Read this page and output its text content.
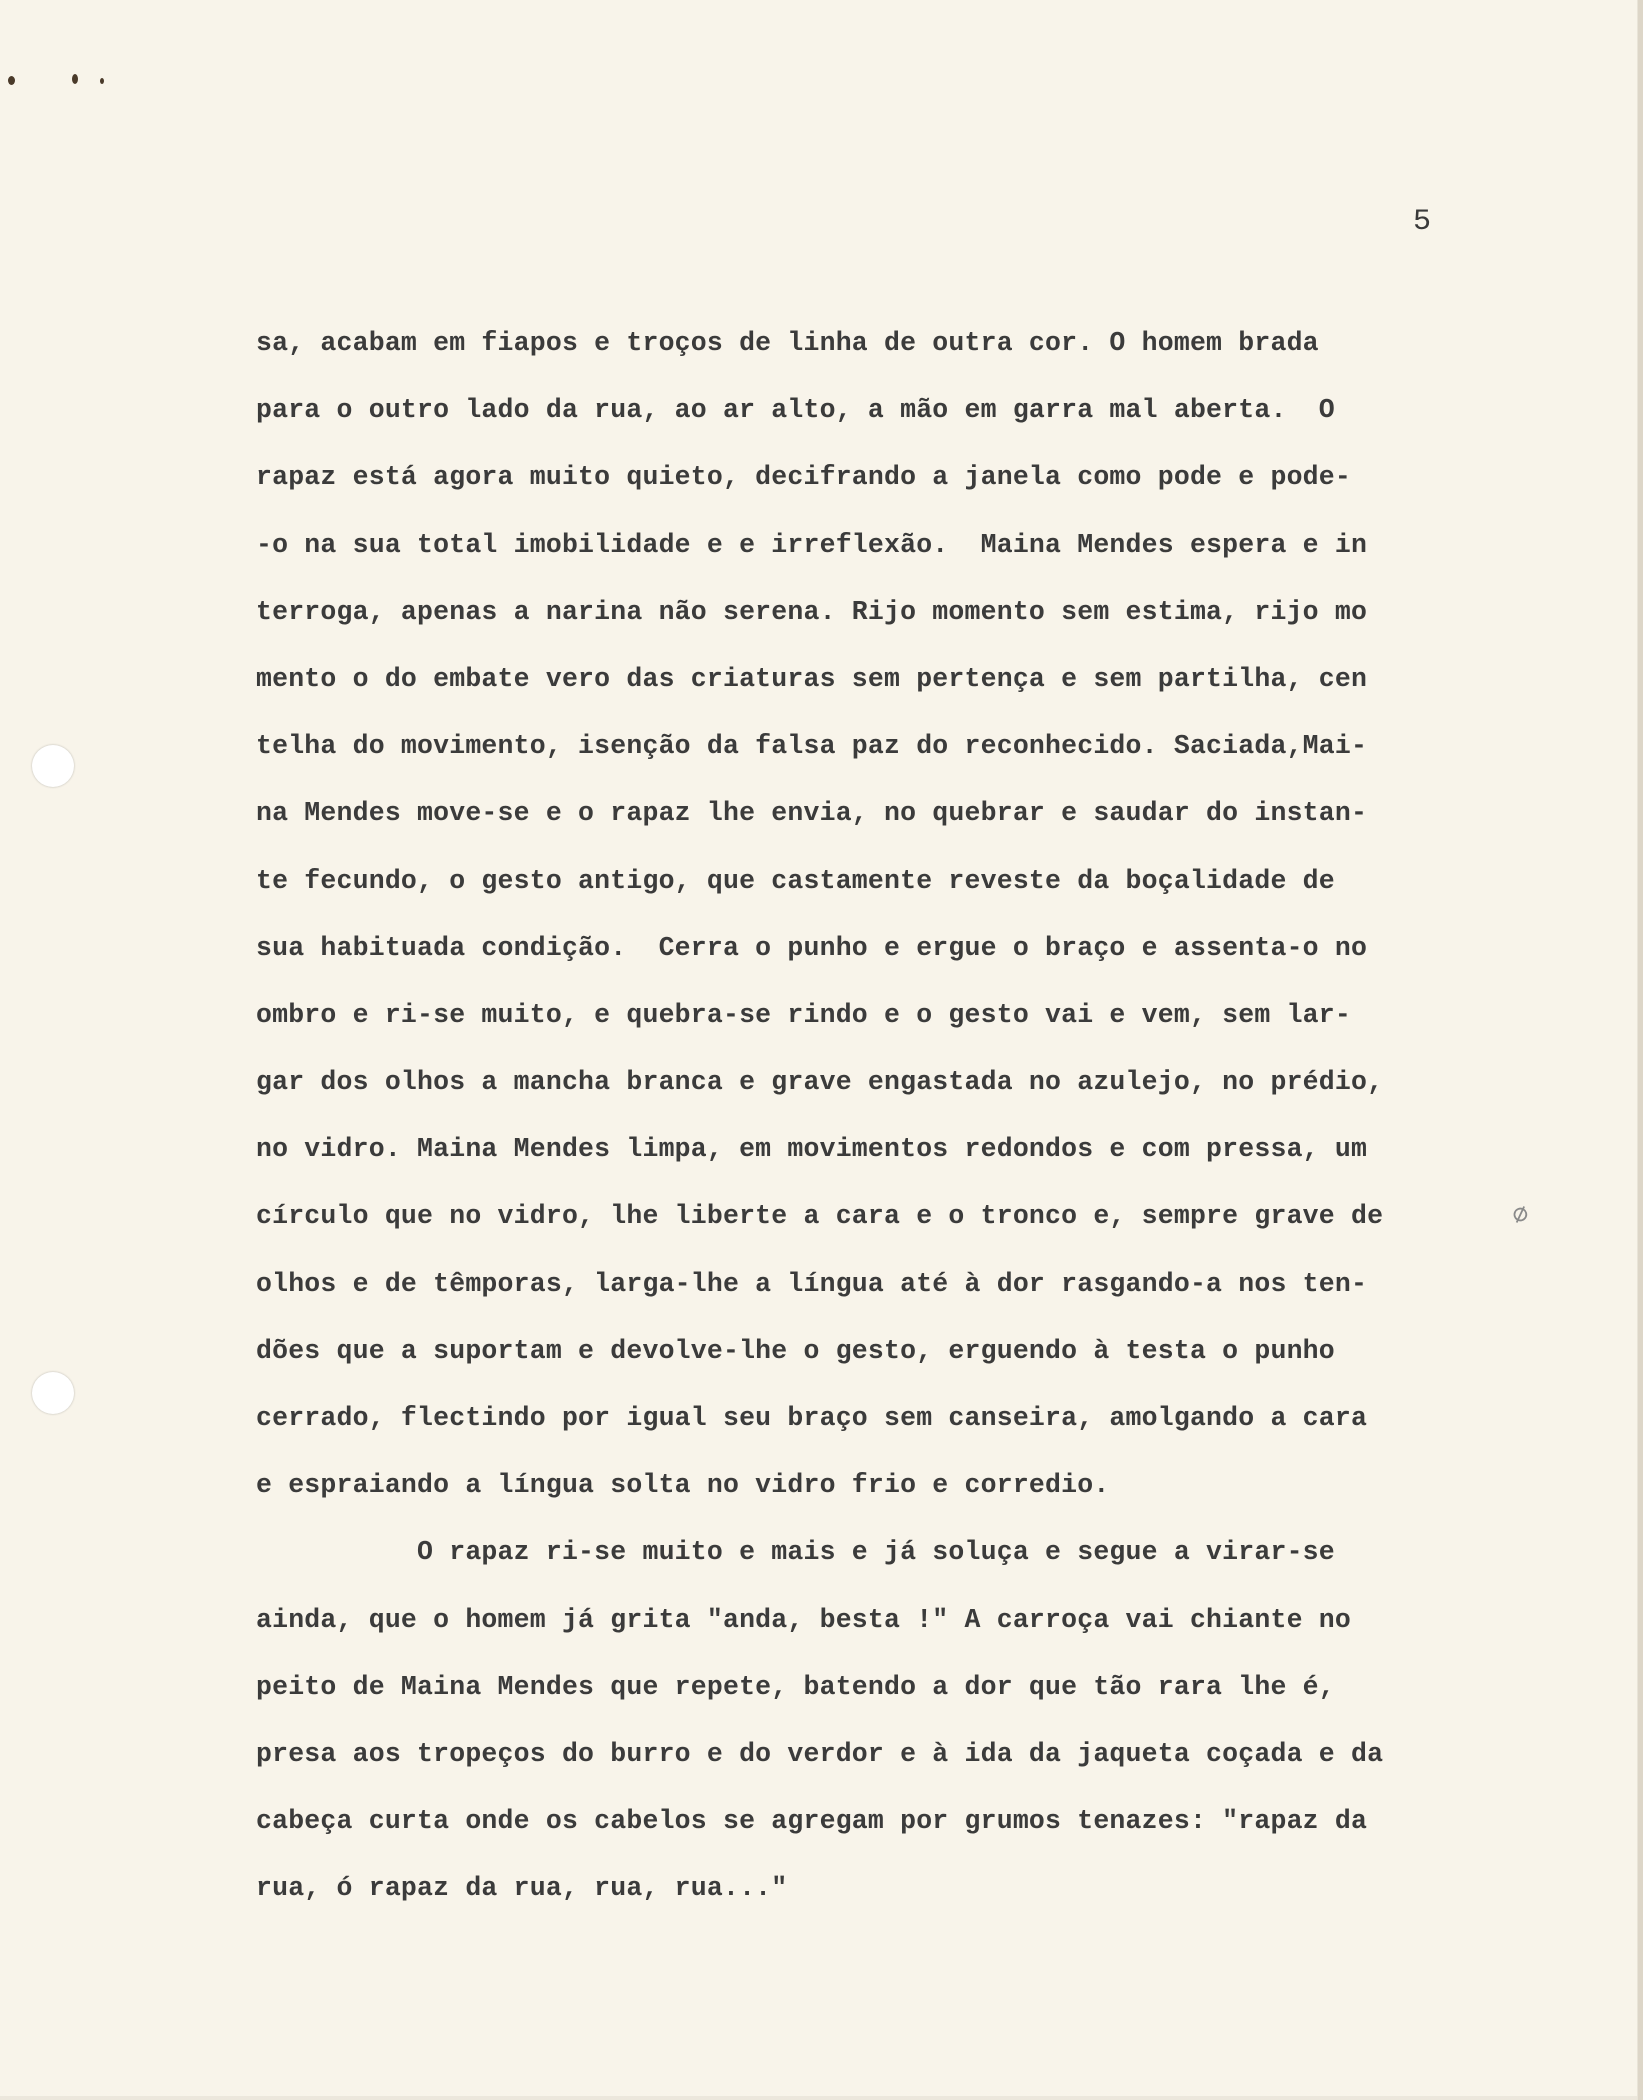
5
sa, acabam em fiapos e troços de linha de outra cor. O homem brada
para o outro lado da rua, ao ar alto, a mão em garra mal aberta.  O
rapaz está agora muito quieto, decifrando a janela como pode e pode-
-o na sua total imobilidade e e irreflexão.  Maina Mendes espera e in
terroga, apenas a narina não serena. Rijo momento sem estima, rijo mo
mento o do embate vero das criaturas sem pertença e sem partilha, cen
telha do movimento, isenção da falsa paz do reconhecido. Saciada,Mai-
na Mendes move-se e o rapaz lhe envia, no quebrar e saudar do instan-
te fecundo, o gesto antigo, que castamente reveste da boçalidade de
sua habituada condição.  Cerra o punho e ergue o braço e assenta-o no
ombro e ri-se muito, e quebra-se rindo e o gesto vai e vem, sem lar-
gar dos olhos a mancha branca e grave engastada no azulejo, no prédio,
no vidro. Maina Mendes limpa, em movimentos redondos e com pressa, um
círculo que no vidro, lhe liberte a cara e o tronco e, sempre grave de
olhos e de têmporas, larga-lhe a língua até à dor rasgando-a nos ten-
dões que a suportam e devolve-lhe o gesto, erguendo à testa o punho
cerrado, flectindo por igual seu braço sem canseira, amolgando a cara
e espraiando a língua solta no vidro frio e corredio.
O rapaz ri-se muito e mais e já soluça e segue a virar-se
ainda, que o homem já grita "anda, besta !" A carroça vai chiante no
peito de Maina Mendes que repete, batendo a dor que tão rara lhe é,
presa aos tropeços do burro e do verdor e à ida da jaqueta coçada e da
cabeça curta onde os cabelos se agregam por grumos tenazes: "rapaz da
rua, ó rapaz da rua, rua, rua..."
⌀
